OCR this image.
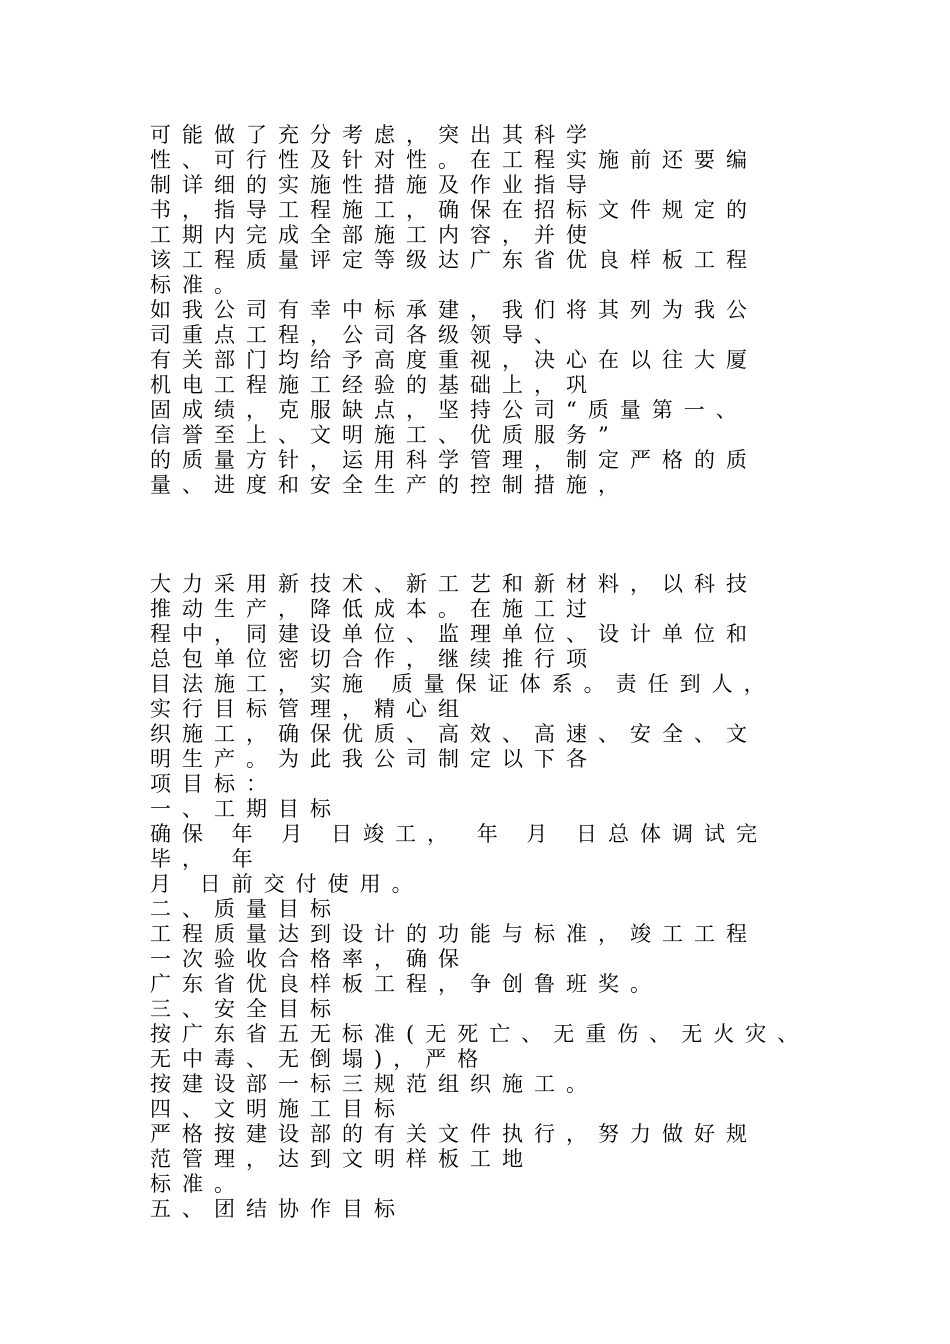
可能做了充分考虑，突出其科学
性、可行性及针对性。在工程实施前还要编
制详细的实施性措施及作业指导
书，指导工程施工，确保在招标文件规定的
工期内完成全部施工内容，并使
该工程质量评定等级达广东省优良样板工程
标准。
如我公司有幸中标承建，我们将其列为我公
司重点工程，公司各级领导、
有关部门均给予高度重视，决心在以往大厦
机电工程施工经验的基础上，巩
固成绩，克服缺点，坚持公司“质量第一、
信誉至上、文明施工、优质服务”
的质量方针，运用科学管理，制定严格的质
量、进度和安全生产的控制措施，
大力采用新技术、新工艺和新材料，以科技
推动生产，降低成本。在施工过
程中，同建设单位、监理单位、设计单位和
总包单位密切合作，继续推行项
目法施工，实施 质量保证体系。责任到人，
实行目标管理，精心组
织施工，确保优质、高效、高速、安全、文
明生产。为此我公司制定以下各
项目标：
一、工期目标
确保 年 月 日竣工， 年 月 日总体调试完
毕， 年
月 日前交付使用。
二、质量目标
工程质量达到设计的功能与标准，竣工工程
一次验收合格率，确保
广东省优良样板工程，争创鲁班奖。
三、安全目标
按广东省五无标准(无死亡、无重伤、无火灾、
无中毒、无倒塌)，严格
按建设部一标三规范组织施工。
四、文明施工目标
严格按建设部的有关文件执行，努力做好规
范管理，达到文明样板工地
标准。
五、团结协作目标
